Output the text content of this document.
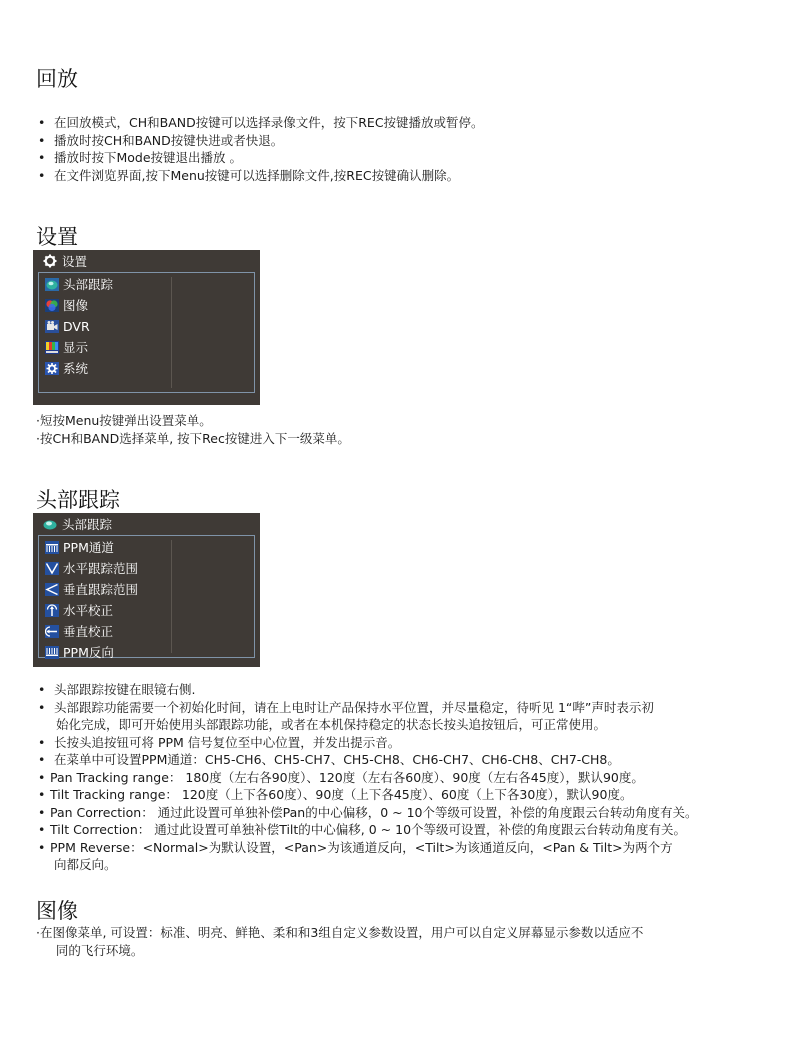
回放
• 在回放模式，CH和BAND按键可以选择录像文件，按下REC按键播放或暂停。
• 播放时按CH和BAND按键快进或者快退。
• 播放时按下Mode按键退出播放 。
• 在文件浏览界面,按下Menu按键可以选择删除文件,按REC按键确认删除。
设置
设置
头部跟踪
图像
DVR
显示
系统
·短按Menu按键弹出设置菜单。
·按CH和BAND选择菜单, 按下Rec按键进入下一级菜单。
头部跟踪
头部跟踪
PPM通道
水平跟踪范围
垂直跟踪范围
水平校正
垂直校正
PPM反向
• 头部跟踪按键在眼镜右侧.
• 头部跟踪功能需要一个初始化时间，请在上电时让产品保持水平位置，并尽量稳定，待听见 1“哔”声时表示初
始化完成，即可开始使用头部跟踪功能，或者在本机保持稳定的状态长按头追按钮后，可正常使用。
• 长按头追按钮可将 PPM 信号复位至中心位置，并发出提示音。
• 在菜单中可设置PPM通道：CH5-CH6、CH5-CH7、CH5-CH8、CH6-CH7、CH6-CH8、CH7-CH8。
• Pan Tracking range： 180度（左右各90度）、120度（左右各60度）、90度（左右各45度），默认90度。
• Tilt Tracking range： 120度（上下各60度）、90度（上下各45度）、60度（上下各30度），默认90度。
• Pan Correction： 通过此设置可单独补偿Pan的中心偏移，0 ~ 10个等级可设置，补偿的角度跟云台转动角度有关。
• Tilt Correction： 通过此设置可单独补偿Tilt的中心偏移, 0 ~ 10个等级可设置，补偿的角度跟云台转动角度有关。
• PPM Reverse：<Normal>为默认设置，<Pan>为该通道反向，<Tilt>为该通道反向，<Pan & Tilt>为两个方
向都反向。
图像
·在图像菜单, 可设置：标准、明亮、鲜艳、柔和和3组自定义参数设置，用户可以自定义屏幕显示参数以适应不
同的飞行环境。
